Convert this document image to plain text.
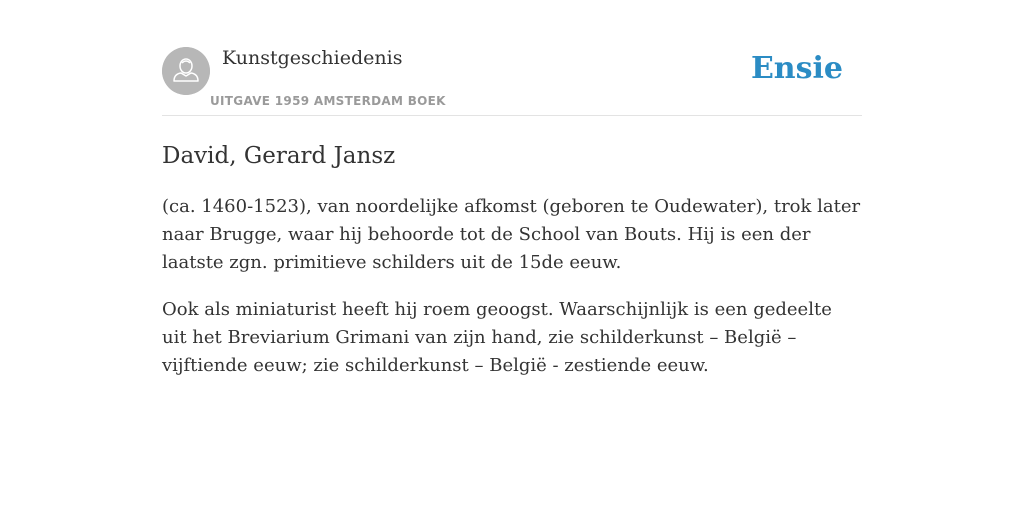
Kunstgeschiedenis
UITGAVE 1959 AMSTERDAM BOEK
Ensie
David, Gerard Jansz

(ca. 1460-1523), van noordelijke afkomst (geboren te Oudewater), trok later naar Brugge, waar hij behoorde tot de School van Bouts. Hij is een der laatste zgn. primitieve schilders uit de 15de eeuw.

Ook als miniaturist heeft hij roem geoogst. Waarschijnlijk is een gedeelte uit het Breviarium Grimani van zijn hand, zie schilderkunst – België – vijftiende eeuw; zie schilderkunst – België - zestiende eeuw.
